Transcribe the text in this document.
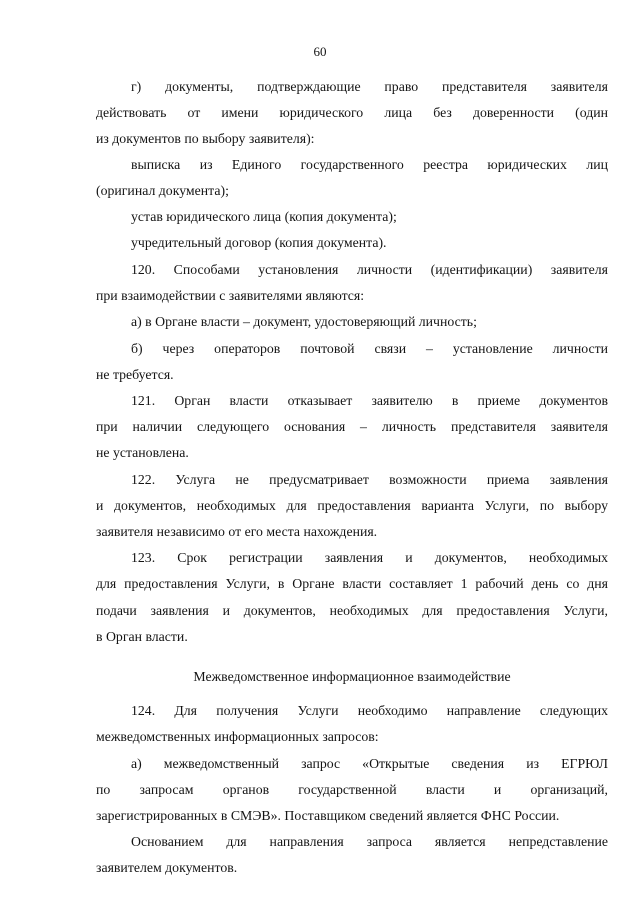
60
г) документы, подтверждающие право представителя заявителя
действовать от имени юридического лица без доверенности (один
из документов по выбору заявителя):
выписка из Единого государственного реестра юридических лиц
(оригинал документа);
устав юридического лица (копия документа);
учредительный договор (копия документа).
120. Способами установления личности (идентификации) заявителя
при взаимодействии с заявителями являются:
а) в Органе власти – документ, удостоверяющий личность;
б) через операторов почтовой связи – установление личности
не требуется.
121. Орган власти отказывает заявителю в приеме документов
при наличии следующего основания – личность представителя заявителя
не установлена.
122. Услуга не предусматривает возможности приема заявления
и документов, необходимых для предоставления варианта Услуги, по выбору
заявителя независимо от его места нахождения.
123. Срок регистрации заявления и документов, необходимых
для предоставления Услуги, в Органе власти составляет 1 рабочий день со дня
подачи заявления и документов, необходимых для предоставления Услуги,
в Орган власти.
Межведомственное информационное взаимодействие
124. Для получения Услуги необходимо направление следующих
межведомственных информационных запросов:
а) межведомственный запрос «Открытые сведения из ЕГРЮЛ
по запросам органов государственной власти и организаций,
зарегистрированных в СМЭВ». Поставщиком сведений является ФНС России.
Основанием для направления запроса является непредставление
заявителем документов.
